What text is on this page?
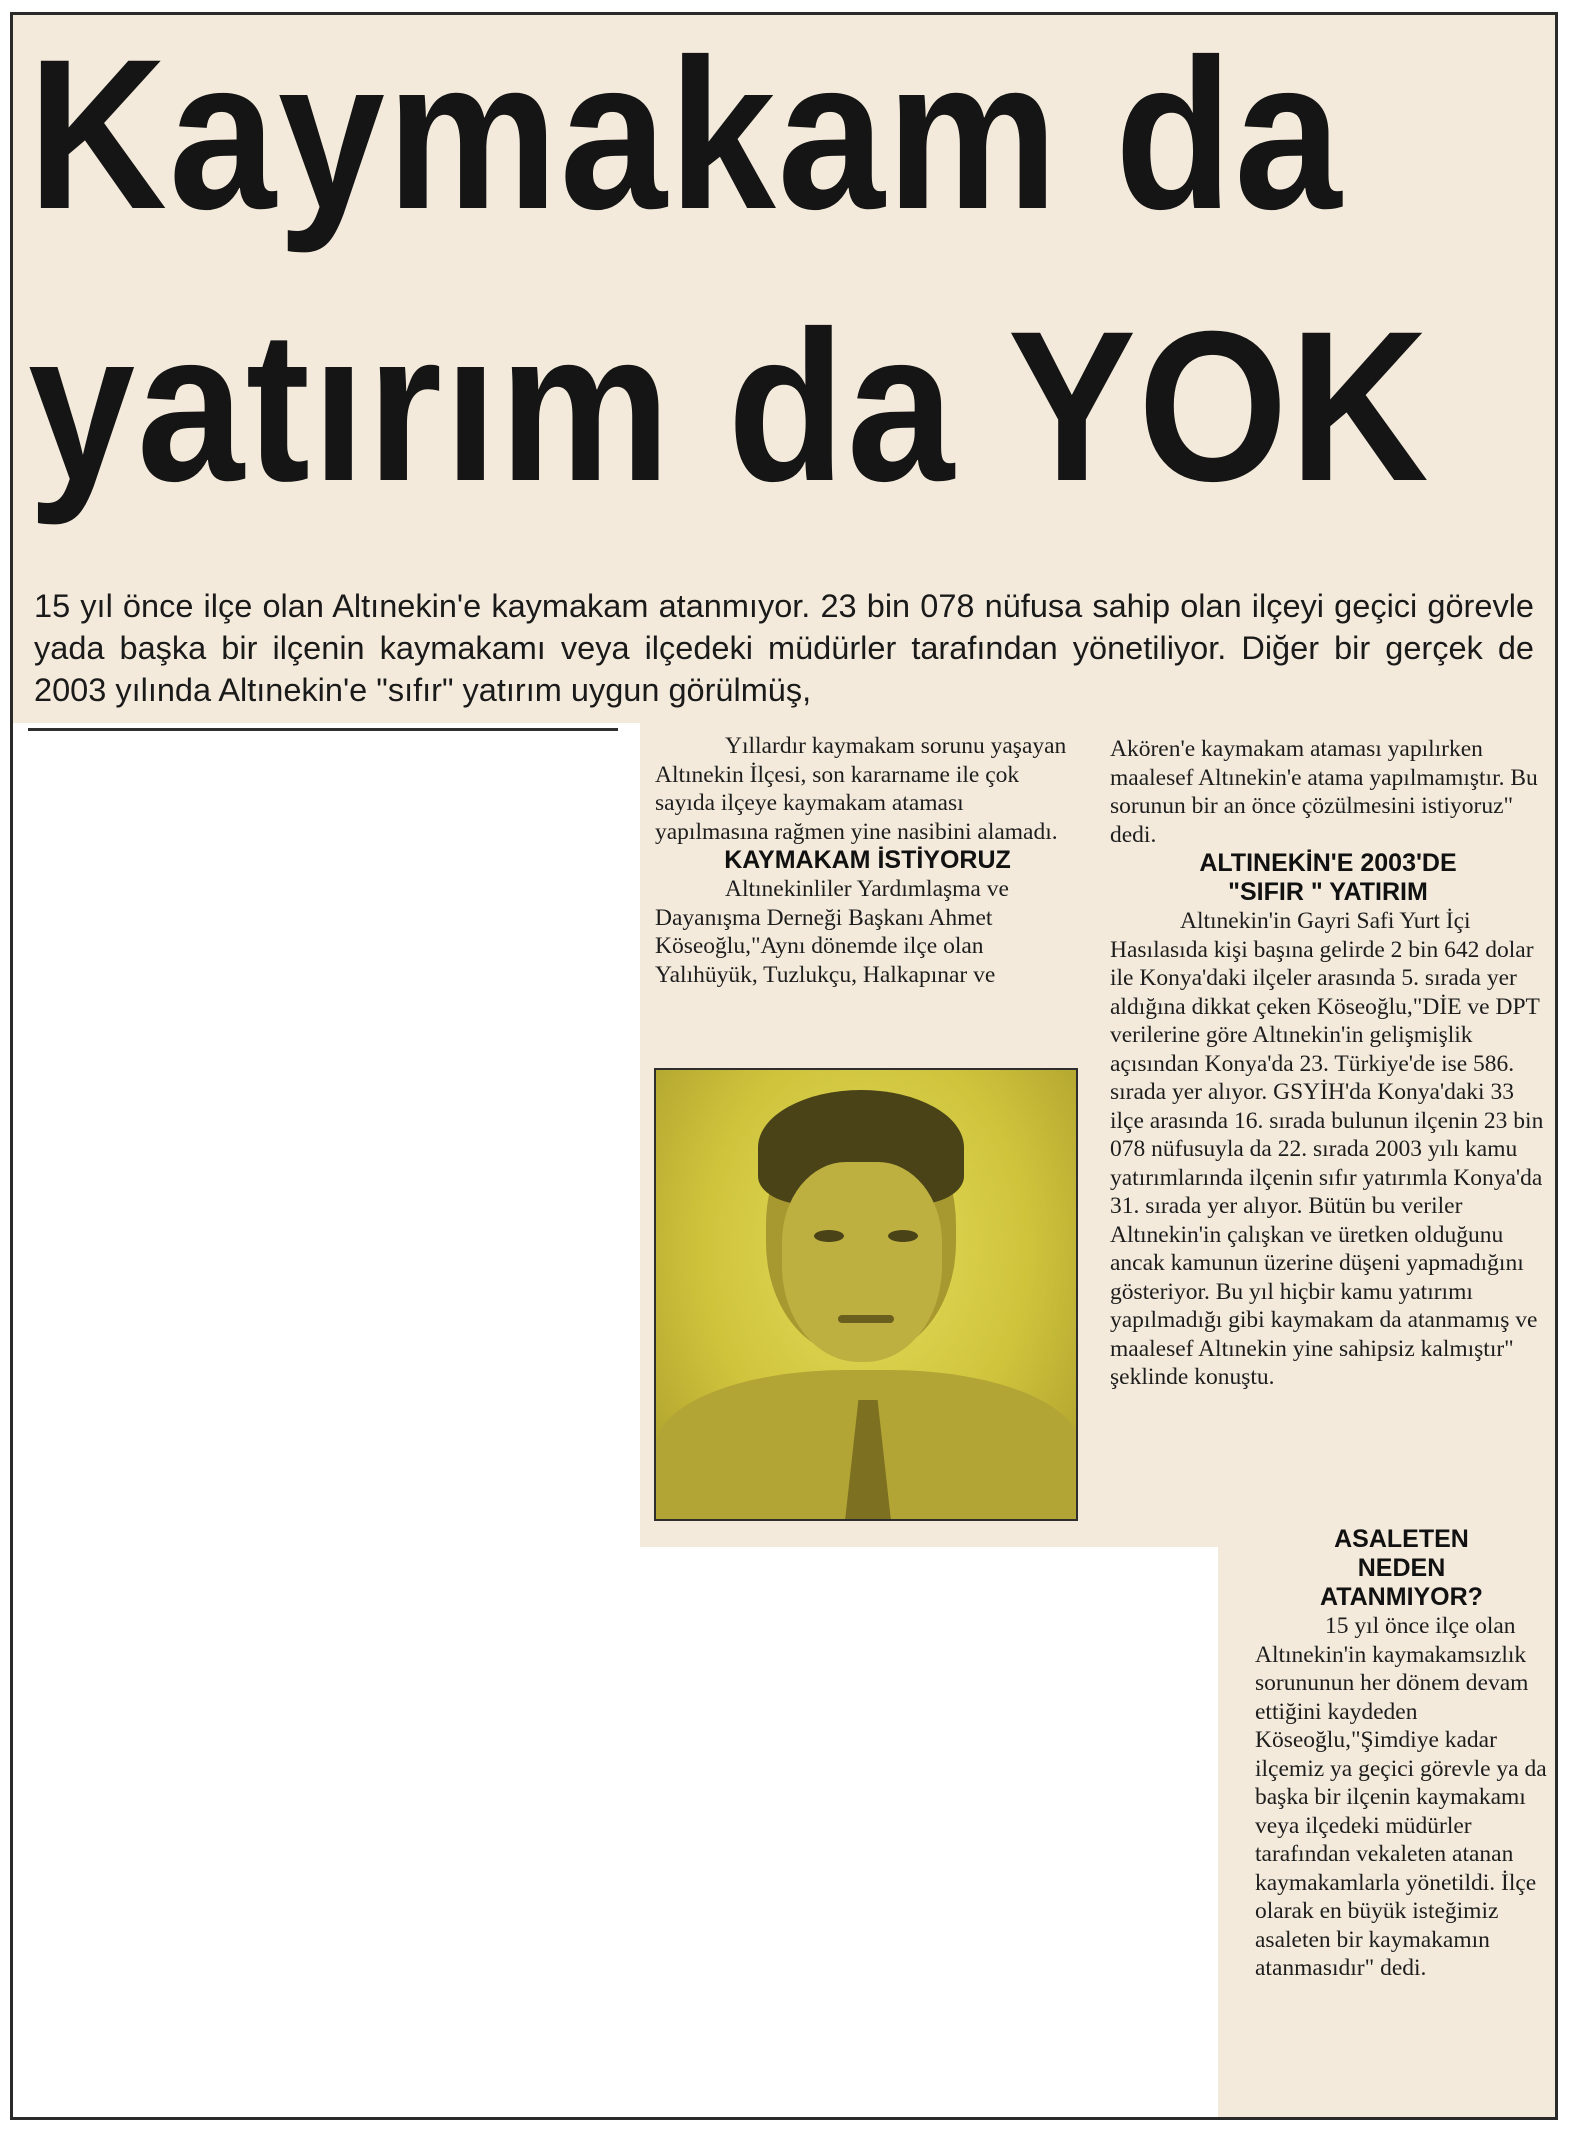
Kaymakam da
yatırım da YOK

15 yıl önce ilçe olan Altınekin'e kaymakam atanmıyor. 23 bin 078 nüfusa sahip olan ilçeyi geçici görevle yada başka bir ilçenin kaymakamı veya ilçedeki müdürler tarafından yönetiliyor. Diğer bir gerçek de 2003 yılında Altınekin'e "sıfır" yatırım uygun görülmüş,

Yıllardır kaymakam sorunu yaşayan Altınekin İlçesi, son kararname ile çok sayıda ilçeye kaymakam ataması yapılmasına rağmen yine nasibini alamadı.

KAYMAKAM İSTİYORUZ

Altınekinliler Yardımlaşma ve Dayanışma Derneği Başkanı Ahmet Köseoğlu,"Aynı dönemde ilçe olan Yalıhüyük, Tuzlukçu, Halkapınar ve

Akören'e kaymakam ataması yapılırken maalesef Altınekin'e atama yapılmamıştır. Bu sorunun bir an önce çözülmesini istiyoruz" dedi.

ALTINEKİN'E 2003'DE

"SIFIR " YATIRIM

Altınekin'in Gayri Safi Yurt İçi Hasılasıda kişi başına gelirde 2 bin 642 dolar ile Konya'daki ilçeler arasında 5. sırada yer aldığına dikkat çeken Köseoğlu,"DİE ve DPT verilerine göre Altınekin'in gelişmişlik açısından Konya'da 23. Türkiye'de ise 586. sırada yer alıyor. GSYİH'da Konya'daki 33 ilçe arasında 16. sırada bulunun ilçenin 23 bin 078 nüfusuyla da 22. sırada 2003 yılı kamu yatırımlarında ilçenin sıfır yatırımla Konya'da 31. sırada yer alıyor. Bütün bu veriler Altınekin'in çalışkan ve üretken olduğunu ancak kamunun üzerine düşeni yapmadığını gösteriyor. Bu yıl hiçbir kamu yatırımı yapılmadığı gibi kaymakam da atanmamış ve maalesef Altınekin yine sahipsiz kalmıştır" şeklinde konuştu.

ASALETEN

NEDEN

ATANMIYOR?

15 yıl önce ilçe olan Altınekin'in kaymakamsızlık sorununun her dönem devam ettiğini kaydeden Köseoğlu,"Şimdiye kadar ilçemiz ya geçici görevle ya da başka bir ilçenin kaymakamı veya ilçedeki müdürler tarafından vekaleten atanan kaymakamlarla yönetildi. İlçe olarak en büyük isteğimiz asaleten bir kaymakamın atanmasıdır" dedi.
